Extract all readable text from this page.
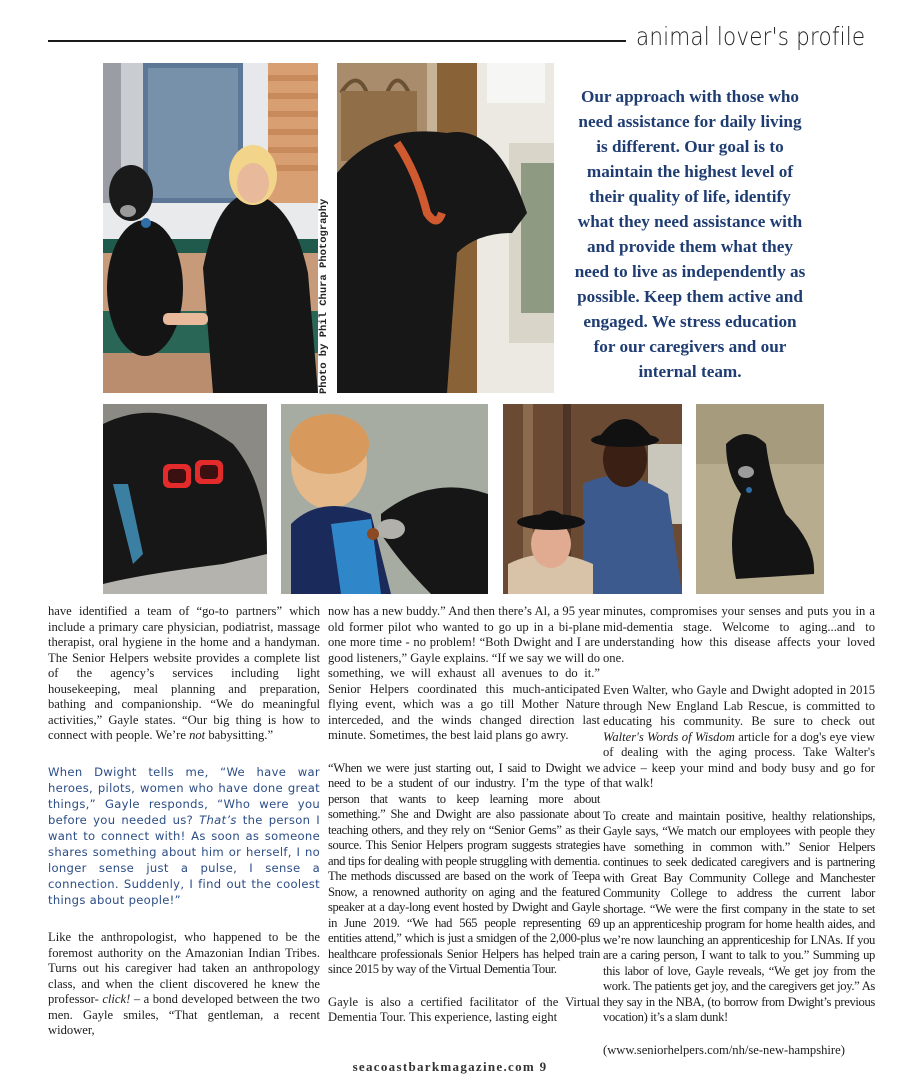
animal lover's profile
Photo by Phil Chura Photography
Our approach with those who need assistance for daily living is different. Our goal is to maintain the highest level of their quality of life, identify what they need assistance with and provide them what they need to live as independently as possible. Keep them active and engaged. We stress education for our caregivers and our internal team.

have identified a team of “go-to partners” which include a primary care physician, podiatrist, massage therapist, oral hygiene in the home and a handyman. The Senior Helpers website provides a complete list of the agency’s services including light housekeeping, meal planning and preparation, bathing and companionship. “We do meaningful activities,” Gayle states. “Our big thing is how to connect with people. We’re not babysitting.”

When Dwight tells me, “We have war heroes, pilots, women who have done great things,” Gayle responds, “Who were you before you needed us? That’s the person I want to connect with! As soon as someone shares something about him or herself, I no longer sense just a pulse, I sense a connection. Suddenly, I find out the coolest things about people!”

Like the anthropologist, who happened to be the foremost authority on the Amazonian Indian Tribes. Turns out his caregiver had taken an anthropology class, and when the client discovered he knew the professor- click! – a bond developed between the two men. Gayle smiles, “That gentleman, a recent widower,

now has a new buddy.” And then there’s Al, a 95 year old former pilot who wanted to go up in a bi-plane one more time - no problem! “Both Dwight and I are good listeners,” Gayle explains. “If we say we will do something, we will exhaust all avenues to do it.” Senior Helpers coordinated this much-anticipated flying event, which was a go till Mother Nature interceded, and the winds changed direction last minute. Sometimes, the best laid plans go awry.

“When we were just starting out, I said to Dwight we need to be a student of our industry. I’m the type of person that wants to keep learning more about something.” She and Dwight are also passionate about teaching others, and they rely on “Senior Gems” as their source. This Senior Helpers program suggests strategies and tips for dealing with people struggling with dementia. The methods discussed are based on the work of Teepa Snow, a renowned authority on aging and the featured speaker at a day-long event hosted by Dwight and Gayle in June 2019. “We had 565 people representing 69 entities attend,” which is just a smidgen of the 2,000-plus healthcare professionals Senior Helpers has helped train since 2015 by way of the Virtual Dementia Tour.

Gayle is also a certified facilitator of the Virtual Dementia Tour. This experience, lasting eight

minutes, compromises your senses and puts you in a mid-dementia stage. Welcome to aging...and to understanding how this disease affects your loved one.

Even Walter, who Gayle and Dwight adopted in 2015 through New England Lab Rescue, is committed to educating his community. Be sure to check out Walter's Words of Wisdom article for a dog's eye view of dealing with the aging process. Take Walter's advice – keep your mind and body busy and go for that walk!

To create and maintain positive, healthy relationships, Gayle says, “We match our employees with people they have something in common with.” Senior Helpers continues to seek dedicated caregivers and is partnering with Great Bay Community College and Manchester Community College to address the current labor shortage. “We were the first company in the state to set up an apprenticeship program for home health aides, and we’re now launching an apprenticeship for LNAs. If you are a caring person, I want to talk to you.” Summing up this labor of love, Gayle reveals, “We get joy from the work. The patients get joy, and the caregivers get joy.” As they say in the NBA, (to borrow from Dwight’s previous vocation) it’s a slam dunk!

(www.seniorhelpers.com/nh/se-new-hampshire)

seacoastbarkmagazine.com 9
